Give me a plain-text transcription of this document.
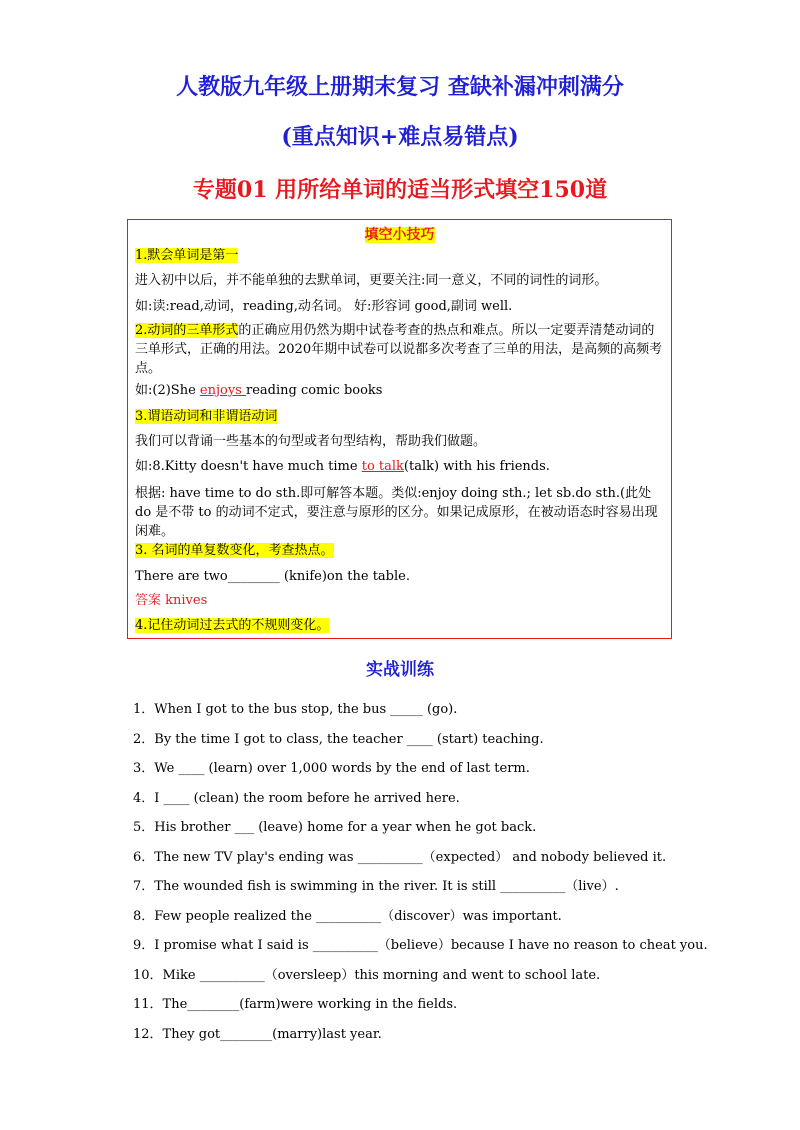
人教版九年级上册期末复习 查缺补漏冲刺满分
(重点知识+难点易错点)
专题01 用所给单词的适当形式填空150道
填空小技巧
1.默会单词是第一
进入初中以后，并不能单独的去默单词，更要关注:同一意义，不同的词性的词形。
如:读:read,动词，reading,动名词。 好:形容词 good,副词 well.
2.动词的三单形式的正确应用仍然为期中试卷考查的热点和难点。所以一定要弄清楚动词的三单形式，正确的用法。2020年期中试卷可以说都多次考查了三单的用法，是高频的高频考点。
如:(2)She enjoys reading comic books
3.谓语动词和非谓语动词
我们可以背诵一些基本的句型或者句型结构，帮助我们做题。
如:8.Kitty doesn't have much time to talk(talk) with his friends.
根据: have time to do sth.即可解答本题。类似:enjoy doing sth.; let sb.do sth.(此处 do 是不带 to 的动词不定式，要注意与原形的区分。如果记成原形，在被动语态时容易出现闲难。
3. 名词的单复数变化，考查热点。
There are two________ (knife)on the table.
答案 knives
4.记住动词过去式的不规则变化。
实战训练
1．When I got to the bus stop, the bus _____ (go).
2．By the time I got to class, the teacher ____ (start) teaching.
3．We ____ (learn) over 1,000 words by the end of last term.
4．I ____ (clean) the room before he arrived here.
5．His brother ___ (leave) home for a year when he got back.
6．The new TV play's ending was __________（expected） and nobody believed it.
7．The wounded fish is swimming in the river. It is still __________（live）.
8．Few people realized the __________（discover）was important.
9．I promise what I said is __________（believe）because I have no reason to cheat you.
10．Mike __________（oversleep）this morning and went to school late.
11．The________(farm)were working in the fields.
12．They got________(marry)last year.
